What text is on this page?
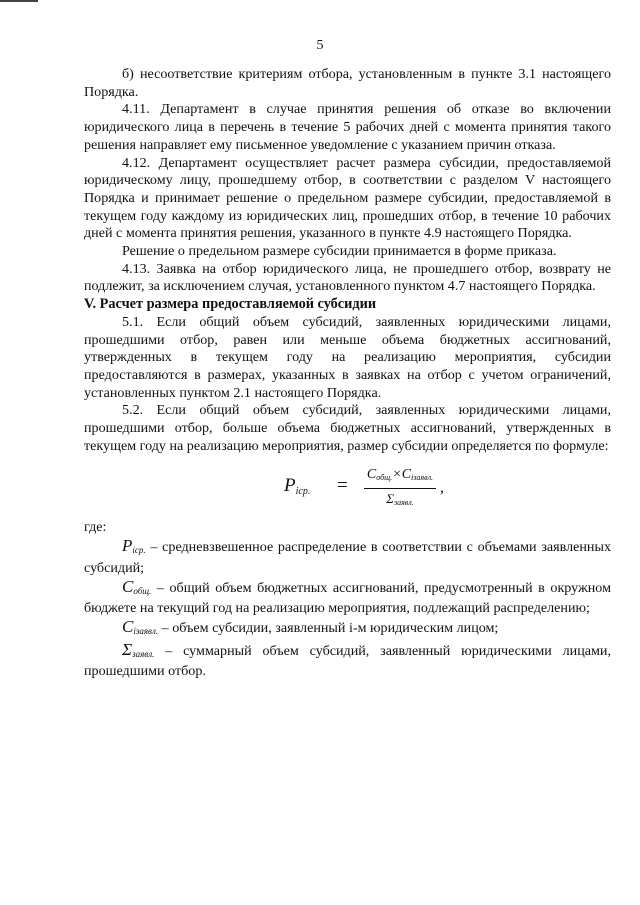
5

б) несоответствие критериям отбора, установленным в пункте 3.1 настоящего Порядка.

4.11. Департамент в случае принятия решения об отказе во включении юридического лица в перечень в течение 5 рабочих дней с момента принятия такого решения направляет ему письменное уведомление с указанием причин отказа.

4.12. Департамент осуществляет расчет размера субсидии, предоставляемой юридическому лицу, прошедшему отбор, в соответствии с разделом V настоящего Порядка и принимает решение о предельном размере субсидии, предоставляемой в текущем году каждому из юридических лиц, прошедших отбор, в течение 10 рабочих дней с момента принятия решения, указанного в пункте 4.9 настоящего Порядка.

Решение о предельном размере субсидии принимается в форме приказа.

4.13. Заявка на отбор юридического лица, не прошедшего отбор, возврату не подлежит, за исключением случая, установленного пунктом 4.7 настоящего Порядка.

V. Расчет размера предоставляемой субсидии

5.1. Если общий объем субсидий, заявленных юридическими лицами, прошедшими отбор, равен или меньше объема бюджетных ассигнований, утвержденных в текущем году на реализацию мероприятия, субсидии предоставляются в размерах, указанных в заявках на отбор с учетом ограничений, установленных пунктом 2.1 настоящего Порядка.

5.2. Если общий объем субсидий, заявленных юридическими лицами, прошедшими отбор, больше объема бюджетных ассигнований, утвержденных в текущем году на реализацию мероприятия, размер субсидии определяется по формуле:

$P_{icp.}$ =
$C_{общ.}\times C_{iзаявл.}$
$\Sigma_{заявл.}$
,

где:

$P_{icp.}$ – средневзвешенное распределение в соответствии с объемами заявленных субсидий;

$C_{общ.}$ – общий объем бюджетных ассигнований, предусмотренный в окружном бюджете на текущий год на реализацию мероприятия, подлежащий распределению;

$C_{iзаявл.}$ – объем субсидии, заявленный i-м юридическим лицом;

$\Sigma_{заявл.}$ – суммарный объем субсидий, заявленный юридическими лицами, прошедшими отбор.
